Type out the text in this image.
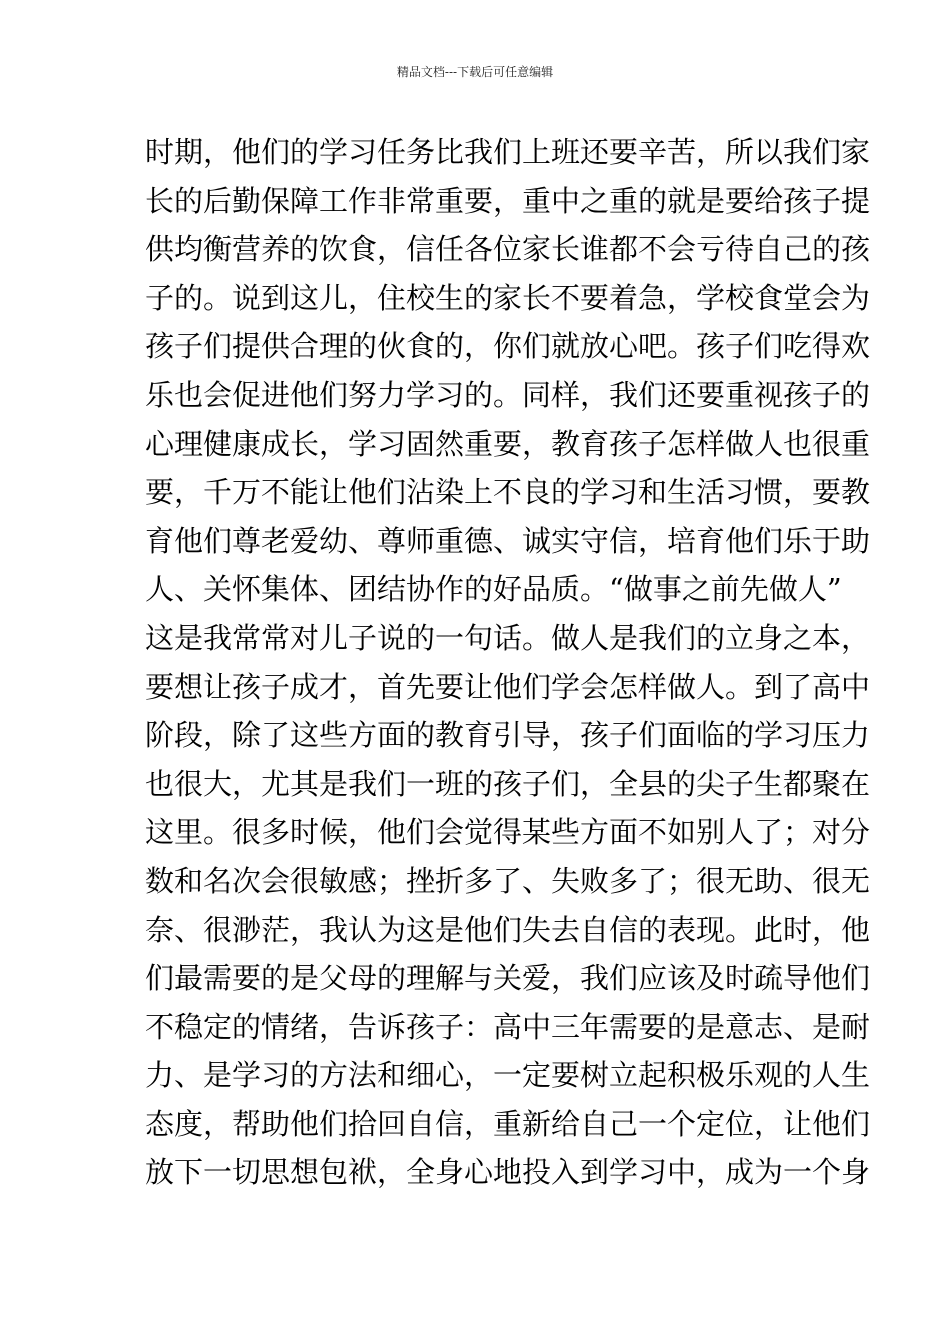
精品文档---下载后可任意编辑
时期，他们的学习任务比我们上班还要辛苦，所以我们家
长的后勤保障工作非常重要，重中之重的就是要给孩子提
供均衡营养的饮食，信任各位家长谁都不会亏待自己的孩
子的。说到这儿，住校生的家长不要着急，学校食堂会为
孩子们提供合理的伙食的，你们就放心吧。孩子们吃得欢
乐也会促进他们努力学习的。同样，我们还要重视孩子的
心理健康成长，学习固然重要，教育孩子怎样做人也很重
要，千万不能让他们沾染上不良的学习和生活习惯，要教
育他们尊老爱幼、尊师重德、诚实守信，培育他们乐于助
人、关怀集体、团结协作的好品质。“做事之前先做人”
这是我常常对儿子说的一句话。做人是我们的立身之本，
要想让孩子成才，首先要让他们学会怎样做人。到了高中
阶段，除了这些方面的教育引导，孩子们面临的学习压力
也很大，尤其是我们一班的孩子们，全县的尖子生都聚在
这里。很多时候，他们会觉得某些方面不如别人了；对分
数和名次会很敏感；挫折多了、失败多了；很无助、很无
奈、很渺茫，我认为这是他们失去自信的表现。此时，他
们最需要的是父母的理解与关爱，我们应该及时疏导他们
不稳定的情绪，告诉孩子：高中三年需要的是意志、是耐
力、是学习的方法和细心，一定要树立起积极乐观的人生
态度，帮助他们拾回自信，重新给自己一个定位，让他们
放下一切思想包袱，全身心地投入到学习中，成为一个身
